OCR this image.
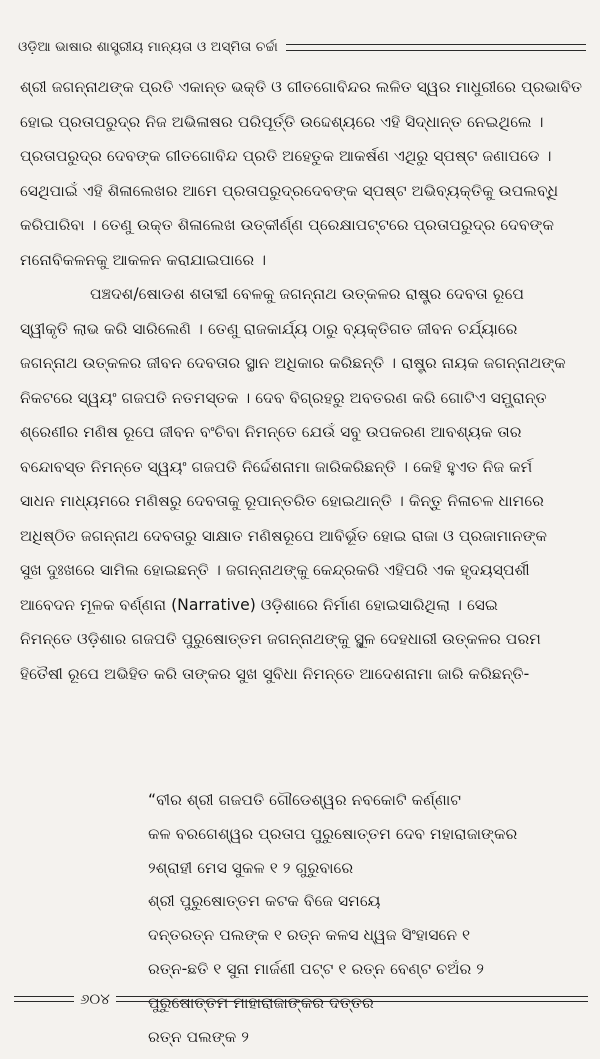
ଓଡ଼ିଆ ଭାଷାର ଶାସ୍ତ୍ରୀୟ ମାନ୍ୟତା ଓ ଅସ୍ମିତା ଚର୍ଚ୍ଚା
ଶ୍ରୀ ଜଗନ୍ନାଥଙ୍କ ପ୍ରତି ଏକାନ୍ତ ଭକ୍ତି ଓ ଗୀତଗୋବିନ୍ଦର ଲଳିତ ସ୍ୱର ମାଧୁରୀରେ ପ୍ରଭାବିତ
ହୋଇ ପ୍ରତାପରୁଦ୍ର ନିଜ ଅଭିଳାଷର ପରିପୂର୍ତ୍ତି ଉଦ୍ଦେଶ୍ୟରେ ଏହି ସିଦ୍ଧାନ୍ତ ନେଇଥିଲେ ।
ପ୍ରତାପରୁଦ୍ର ଦେବଙ୍କ ଗୀତଗୋବିନ୍ଦ ପ୍ରତି ଅହେତୁକ ଆକର୍ଷଣ ଏଥିରୁ ସ୍ପଷ୍ଟ ଜଣାପଡେ ।
ସେଥିପାଇଁ ଏହି ଶିଳାଲେଖର ଆମେ ପ୍ରତାପରୁଦ୍ରଦେବଙ୍କ ସ୍ପଷ୍ଟ ଅଭିବ୍ୟକ୍ତିକୁ ଉପଲବ୍ଧି
କରିପାରିବା । ତେଣୁ ଉକ୍ତ ଶିଳାଲେଖ ଉତ୍କୀର୍ଣ୍ଣ ପ୍ରେକ୍ଷାପଟ୍ଟରେ ପ୍ରତାପରୁଦ୍ର ଦେବଙ୍କ
ମନୋବିକଳନକୁ ଆକଳନ କରାଯାଇପାରେ ।
ପଞ୍ଚଦଶ/ଷୋଡଶ ଶତାବ୍ଦୀ ବେଳକୁ ଜଗନ୍ନାଥ ଉତ୍କଳର ରାଷ୍ଟ୍ର ଦେବତା ରୂପେ
ସ୍ୱୀକୃତି ଲାଭ କରି ସାରିଲେଣି । ତେଣୁ ରାଜକାର୍ଯ୍ୟ ଠାରୁ ବ୍ୟକ୍ତିଗତ ଜୀବନ ଚର୍ଯ୍ୟାରେ
ଜଗନ୍ନାଥ ଉତ୍କଳର ଜୀବନ ଦେବତାର ସ୍ଥାନ ଅଧିକାର କରିଛନ୍ତି । ରାଷ୍ଟ୍ର ନାୟକ ଜଗନ୍ନାଥଙ୍କ
ନିକଟରେ ସ୍ୱୟଂ ଗଜପତି ନତମସ୍ତକ । ଦେବ ବିଗ୍ରହରୁ ଅବତରଣ କରି ଗୋଟିଏ ସମ୍ଭ୍ରାନ୍ତ
ଶ୍ରେଣୀର ମଣିଷ ରୂପେ ଜୀବନ ବଂଚିବା ନିମନ୍ତେ ଯେଉଁ ସବୁ ଉପକରଣ ଆବଶ୍ୟକ ତାର
ବନ୍ଦୋବସ୍ତ ନିମନ୍ତେ ସ୍ୱୟଂ ଗଜପତି ନିର୍ଦ୍ଦେଶନାମା ଜାରିକରିଛନ୍ତି । କେହି ହୁଏତ ନିଜ କର୍ମ
ସାଧନ ମାଧ୍ୟମରେ ମଣିଷରୁ ଦେବତାକୁ ରୂପାନ୍ତରିତ ହୋଇଥାନ୍ତି । କିନ୍ତୁ ନିଳାଚଳ ଧାମରେ
ଅଧିଷ୍ଠିତ ଜଗନ୍ନାଥ ଦେବତାରୁ ସାକ୍ଷାତ ମଣିଷରୂପେ ଆବିର୍ଭୂତ ହୋଇ ରାଜା ଓ ପ୍ରଜାମାନଙ୍କ
ସୁଖ ଦୁଃଖରେ ସାମିଲ ହୋଇଛନ୍ତି । ଜଗନ୍ନାଥଙ୍କୁ କେନ୍ଦ୍ରକରି ଏହିପରି ଏକ ହୃଦୟସ୍ପର୍ଶୀ
ଆବେଦନ ମୂଳକ ବର୍ଣ୍ଣନା (Narrative) ଓଡ଼ିଶାରେ ନିର୍ମାଣ ହୋଇସାରିଥିଲା । ସେଇ
ନିମନ୍ତେ ଓଡ଼ିଶାର ଗଜପତି ପୁରୁଷୋତ୍ତମ ଜଗନ୍ନାଥଙ୍କୁ ସ୍ଥୂଳ ଦେହଧାରୀ ଉତ୍କଳର ପରମ
ହିତୈଷୀ ରୂପେ ଅଭିହିତ କରି ତାଙ୍କର ସୁଖ ସୁବିଧା ନିମନ୍ତେ ଆଦେଶନାମା ଜାରି କରିଛନ୍ତି-
“ବୀର ଶ୍ରୀ ଗଜପତି ଗୌଡେଶ୍ୱର ନବକୋଟି କର୍ଣ୍ଣାଟ
କଳ ବରଗେଶ୍ୱର ପ୍ରତାପ ପୁରୁଷୋତ୍ତମ ଦେବ ମହାରାଜାଙ୍କର
୨ଶ୍ରାହୀ ମେସ ସୁକଳ ୧ ୨ ଗୁରୁବାରେ
ଶ୍ରୀ ପୁରୁଷୋତ୍ତମ କଟକ ବିଜେ ସମୟେ
ଦନ୍ତରତ୍ନ ପଲଙ୍କ ୧ ରତ୍ନ କଳସ ଧ୍ୱଜ ସିଂହାସନେ ୧
ରତ୍ନ-ଛତି ୧ ସୁନା ମାର୍ଜଣୀ ପଟ୍ଟ ୧ ରତ୍ନ ବେଣ୍ଟ ଚଅଁର ୨
ପୁରୁଷୋତ୍ତମ ମାହାରାଜାଙ୍କର ଦତ୍ତର
ରତ୍ନ ପଲଙ୍କ ୨
୬୦୪
